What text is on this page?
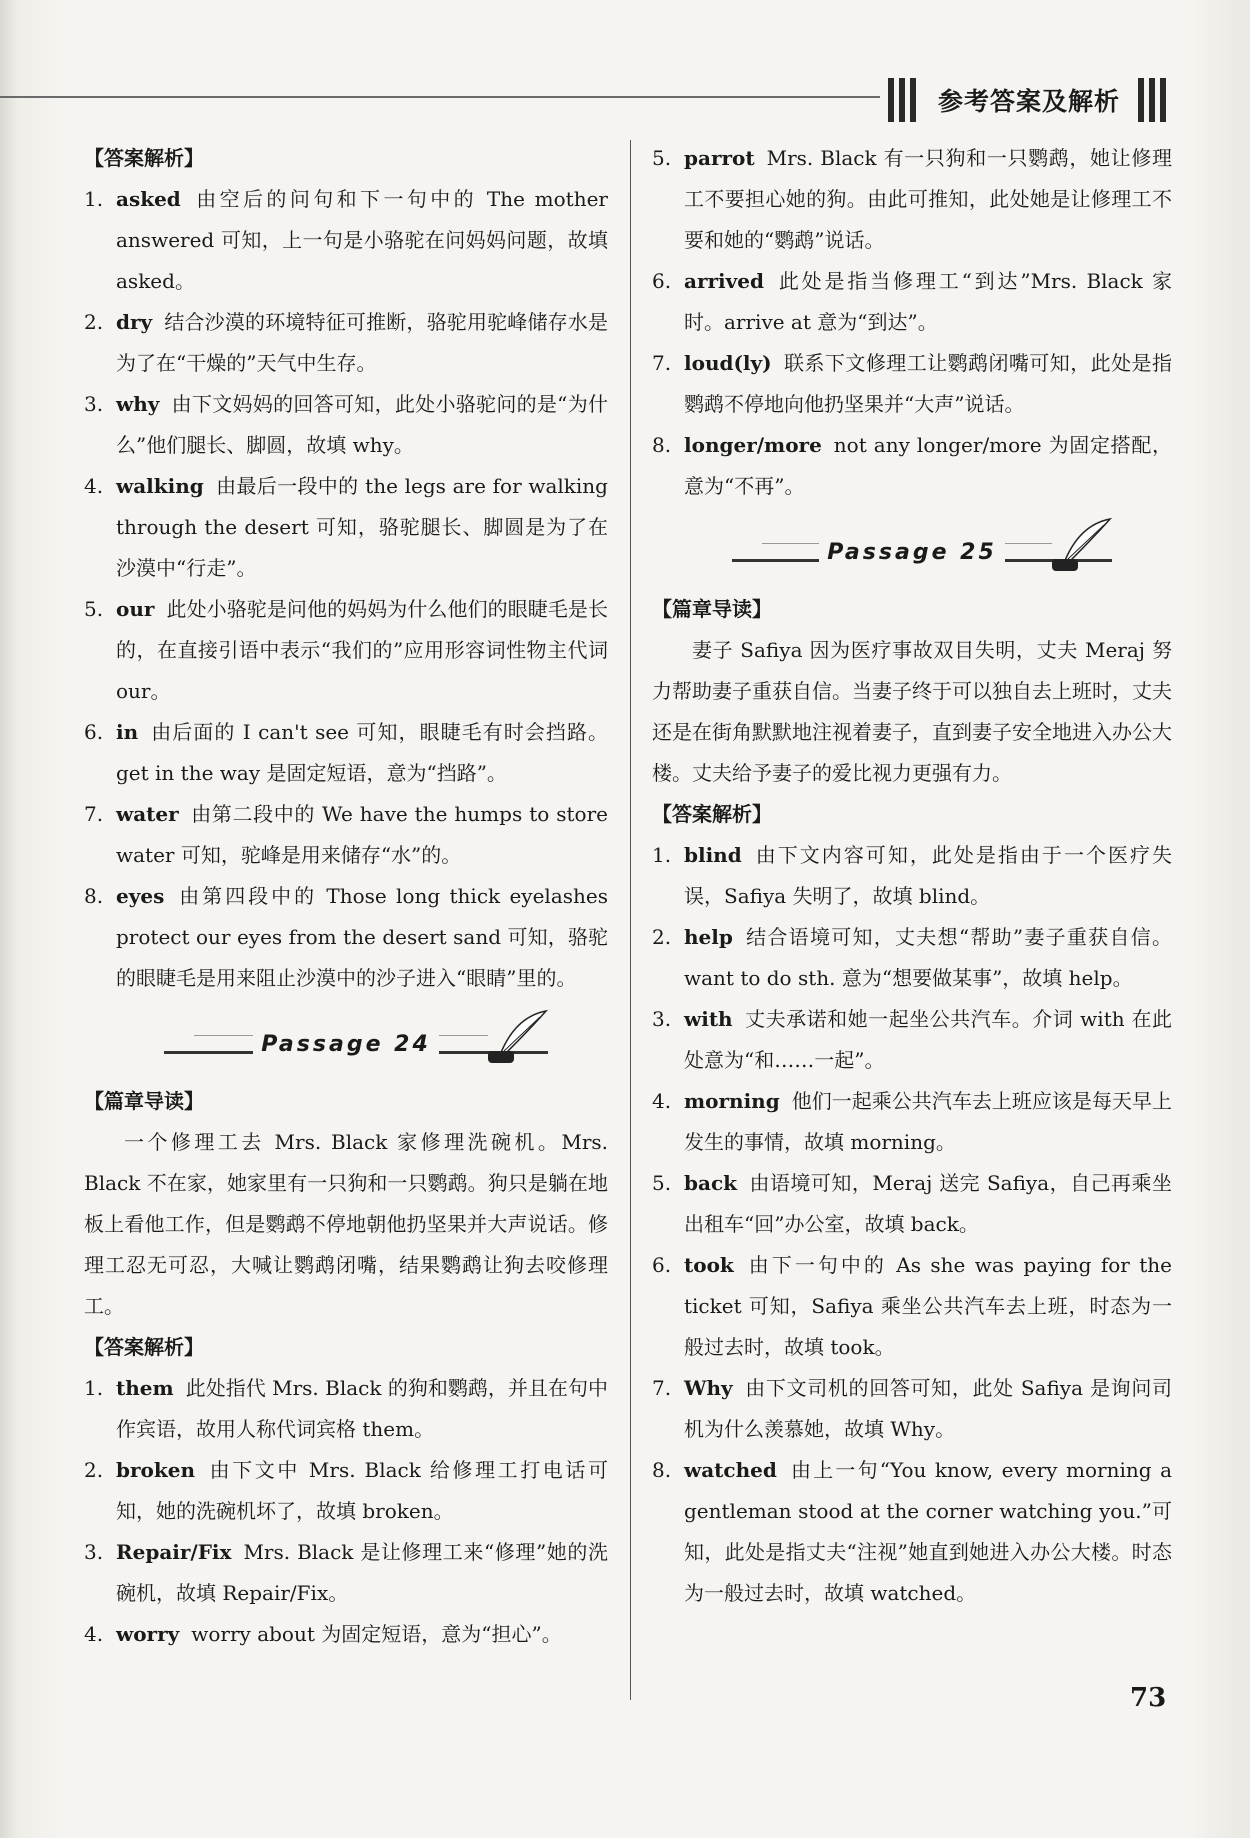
参考答案及解析

【答案解析】

1. asked 由空后的问句和下一句中的 The mother answered 可知，上一句是小骆驼在问妈妈问题，故填 asked。
2. dry 结合沙漠的环境特征可推断，骆驼用驼峰储存水是为了在“干燥的”天气中生存。
3. why 由下文妈妈的回答可知，此处小骆驼问的是“为什么”他们腿长、脚圆，故填 why。
4. walking 由最后一段中的 the legs are for walking through the desert 可知，骆驼腿长、脚圆是为了在沙漠中“行走”。
5. our 此处小骆驼是问他的妈妈为什么他们的眼睫毛是长的，在直接引语中表示“我们的”应用形容词性物主代词 our。
6. in 由后面的 I can't see 可知，眼睫毛有时会挡路。get in the way 是固定短语，意为“挡路”。
7. water 由第二段中的 We have the humps to store water 可知，驼峰是用来储存“水”的。
8. eyes 由第四段中的 Those long thick eyelashes protect our eyes from the desert sand 可知，骆驼的眼睫毛是用来阻止沙漠中的沙子进入“眼睛”里的。
Passage 24

【篇章导读】

一个修理工去 Mrs. Black 家修理洗碗机。Mrs. Black 不在家，她家里有一只狗和一只鹦鹉。狗只是躺在地板上看他工作，但是鹦鹉不停地朝他扔坚果并大声说话。修理工忍无可忍，大喊让鹦鹉闭嘴，结果鹦鹉让狗去咬修理工。

【答案解析】

1. them 此处指代 Mrs. Black 的狗和鹦鹉，并且在句中作宾语，故用人称代词宾格 them。
2. broken 由下文中 Mrs. Black 给修理工打电话可知，她的洗碗机坏了，故填 broken。
3. Repair/Fix Mrs. Black 是让修理工来“修理”她的洗碗机，故填 Repair/Fix。
4. worry worry about 为固定短语，意为“担心”。
5. parrot Mrs. Black 有一只狗和一只鹦鹉，她让修理工不要担心她的狗。由此可推知，此处她是让修理工不要和她的“鹦鹉”说话。
6. arrived 此处是指当修理工“到达”Mrs. Black 家时。arrive at 意为“到达”。
7. loud(ly) 联系下文修理工让鹦鹉闭嘴可知，此处是指鹦鹉不停地向他扔坚果并“大声”说话。
8. longer/more not any longer/more 为固定搭配，意为“不再”。
Passage 25

【篇章导读】

妻子 Safiya 因为医疗事故双目失明，丈夫 Meraj 努力帮助妻子重获自信。当妻子终于可以独自去上班时，丈夫还是在街角默默地注视着妻子，直到妻子安全地进入办公大楼。丈夫给予妻子的爱比视力更强有力。

【答案解析】

1. blind 由下文内容可知，此处是指由于一个医疗失误，Safiya 失明了，故填 blind。
2. help 结合语境可知，丈夫想“帮助”妻子重获自信。want to do sth. 意为“想要做某事”，故填 help。
3. with 丈夫承诺和她一起坐公共汽车。介词 with 在此处意为“和……一起”。
4. morning 他们一起乘公共汽车去上班应该是每天早上发生的事情，故填 morning。
5. back 由语境可知，Meraj 送完 Safiya，自己再乘坐出租车“回”办公室，故填 back。
6. took 由下一句中的 As she was paying for the ticket 可知，Safiya 乘坐公共汽车去上班，时态为一般过去时，故填 took。
7. Why 由下文司机的回答可知，此处 Safiya 是询问司机为什么羡慕她，故填 Why。
8. watched 由上一句“You know, every morning a gentleman stood at the corner watching you.”可知，此处是指丈夫“注视”她直到她进入办公大楼。时态为一般过去时，故填 watched。
73
